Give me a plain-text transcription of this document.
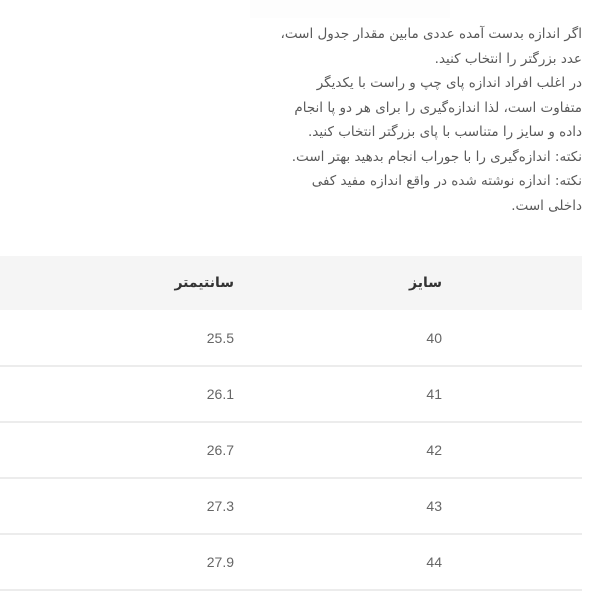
اگر اندازه بدست آمده عددی مابین مقدار جدول است،
عدد بزرگتر را انتخاب کنید.
در اغلب افراد اندازه پای چپ و راست با یکدیگر
متفاوت است، لذا اندازه‌گیری را برای هر دو پا انجام
داده و سایز را متناسب با پای بزرگتر انتخاب کنید.
نکته: اندازه‌گیری را با جوراب انجام بدهید بهتر است.
نکته: اندازه نوشته شده در واقع اندازه مفید کفی
داخلی است.
سایز	سانتیمتر
40	25.5
41	26.1
42	26.7
43	27.3
44	27.9
